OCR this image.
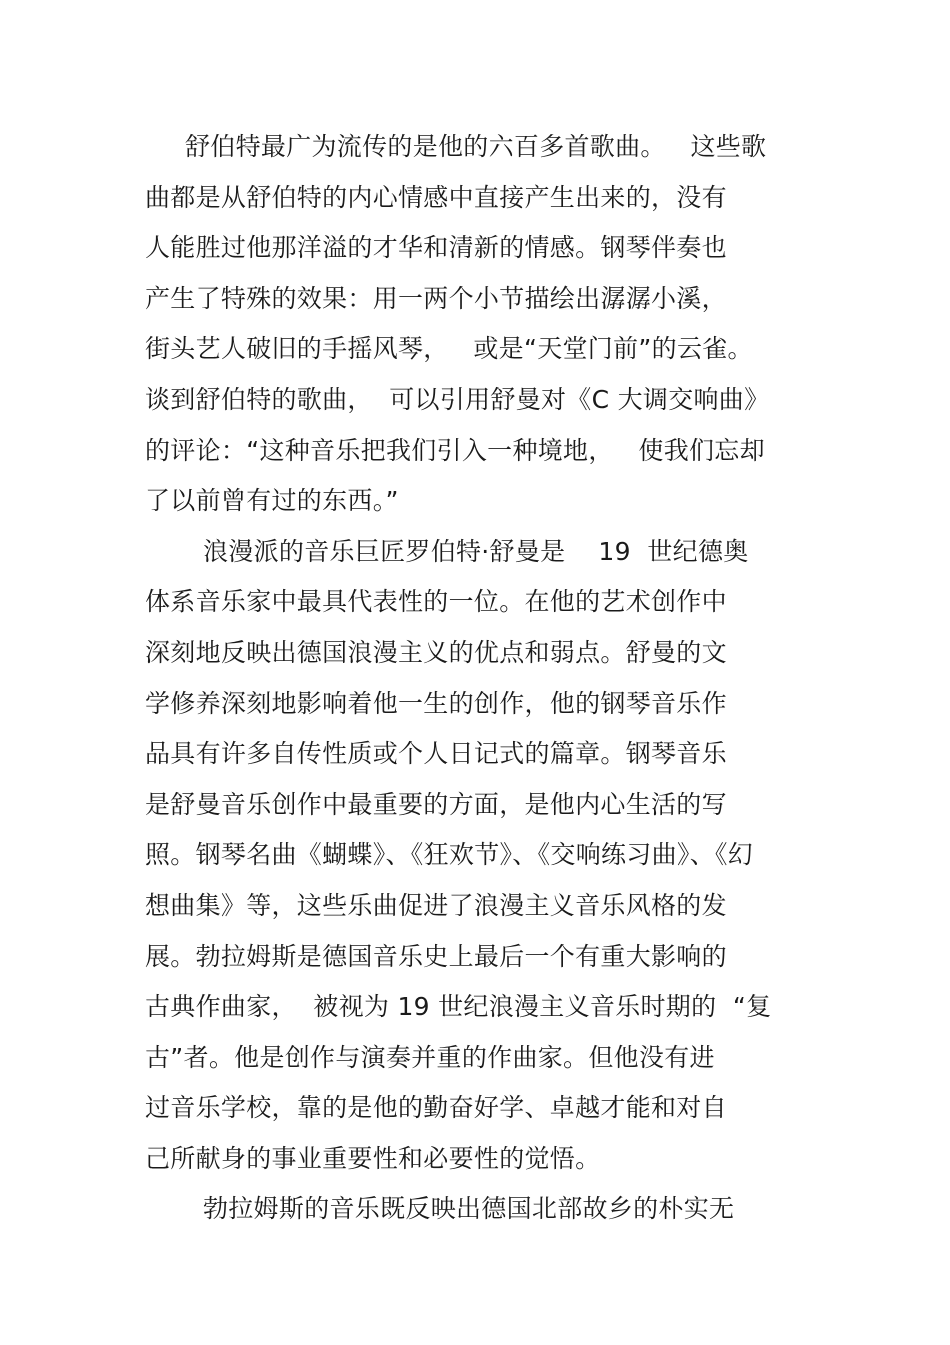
舒伯特最广为流传的是他的六百多首歌曲。   这些歌
曲都是从舒伯特的内心情感中直接产生出来的，没有
人能胜过他那洋溢的才华和清新的情感。钢琴伴奏也
产生了特殊的效果：用一两个小节描绘出潺潺小溪，
街头艺人破旧的手摇风琴，   或是“天堂门前”的云雀。
谈到舒伯特的歌曲，  可以引用舒曼对《C 大调交响曲》
的评论：“这种音乐把我们引入一种境地，   使我们忘却
了以前曾有过的东西。”
浪漫派的音乐巨匠罗伯特·舒曼是    19  世纪德奥
体系音乐家中最具代表性的一位。在他的艺术创作中
深刻地反映出德国浪漫主义的优点和弱点。舒曼的文
学修养深刻地影响着他一生的创作，他的钢琴音乐作
品具有许多自传性质或个人日记式的篇章。钢琴音乐
是舒曼音乐创作中最重要的方面，是他内心生活的写
照。钢琴名曲《蝴蝶》、《狂欢节》、《交响练习曲》、《幻
想曲集》等，这些乐曲促进了浪漫主义音乐风格的发
展。勃拉姆斯是德国音乐史上最后一个有重大影响的
古典作曲家，  被视为 19 世纪浪漫主义音乐时期的  “复
古”者。他是创作与演奏并重的作曲家。但他没有进
过音乐学校，靠的是他的勤奋好学、卓越才能和对自
己所献身的事业重要性和必要性的觉悟。
勃拉姆斯的音乐既反映出德国北部故乡的朴实无
